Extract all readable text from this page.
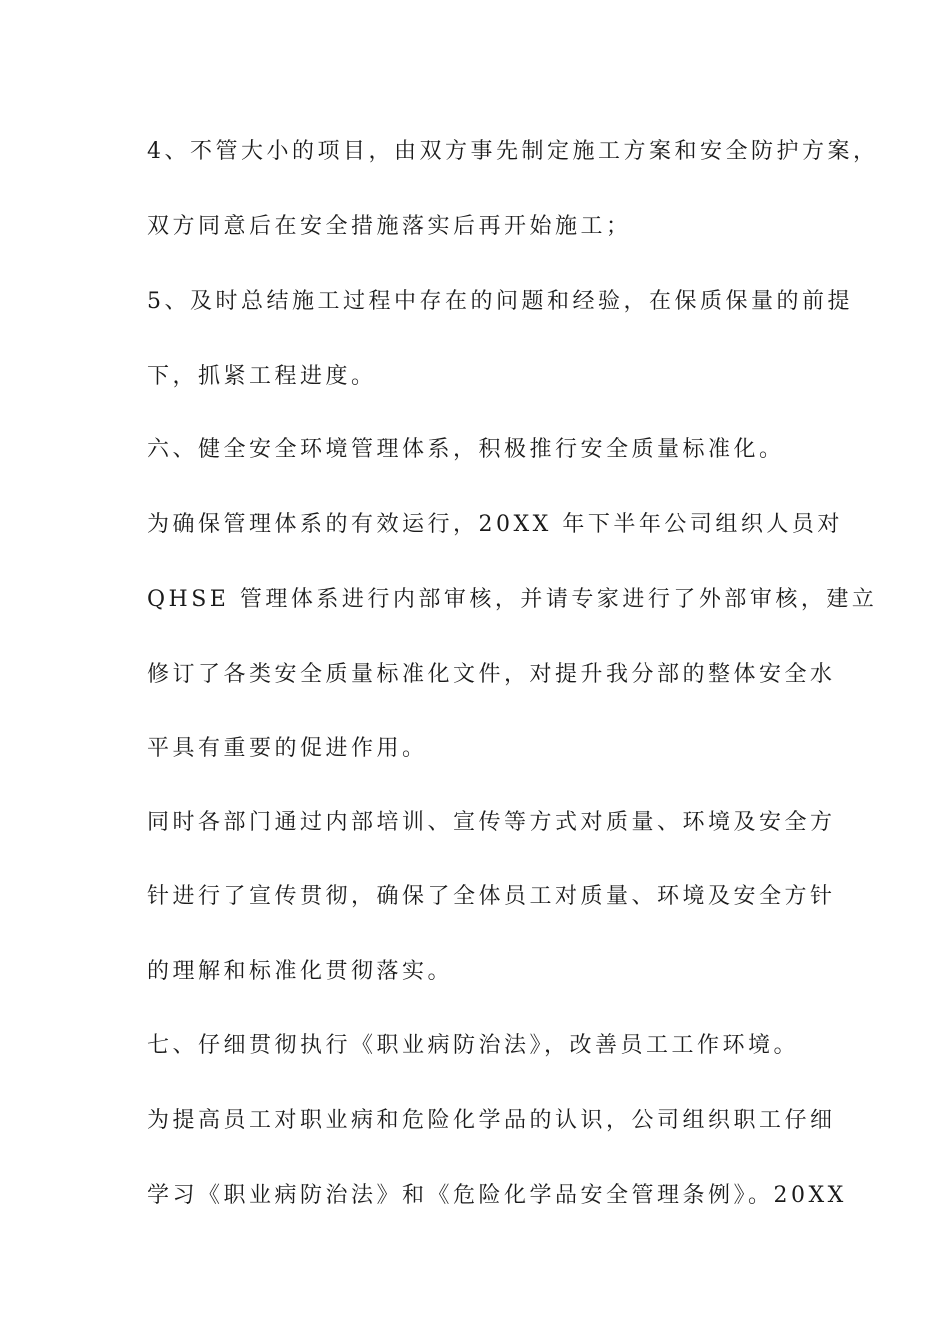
4、不管大小的项目，由双方事先制定施工方案和安全防护方案，
双方同意后在安全措施落实后再开始施工；
5、及时总结施工过程中存在的问题和经验，在保质保量的前提
下，抓紧工程进度。
六、健全安全环境管理体系，积极推行安全质量标准化。
为确保管理体系的有效运行，20XX 年下半年公司组织人员对
QHSE 管理体系进行内部审核，并请专家进行了外部审核，建立
修订了各类安全质量标准化文件，对提升我分部的整体安全水
平具有重要的促进作用。
同时各部门通过内部培训、宣传等方式对质量、环境及安全方
针进行了宣传贯彻，确保了全体员工对质量、环境及安全方针
的理解和标准化贯彻落实。
七、仔细贯彻执行《职业病防治法》，改善员工工作环境。
为提高员工对职业病和危险化学品的认识，公司组织职工仔细
学习《职业病防治法》和《危险化学品安全管理条例》。20XX
